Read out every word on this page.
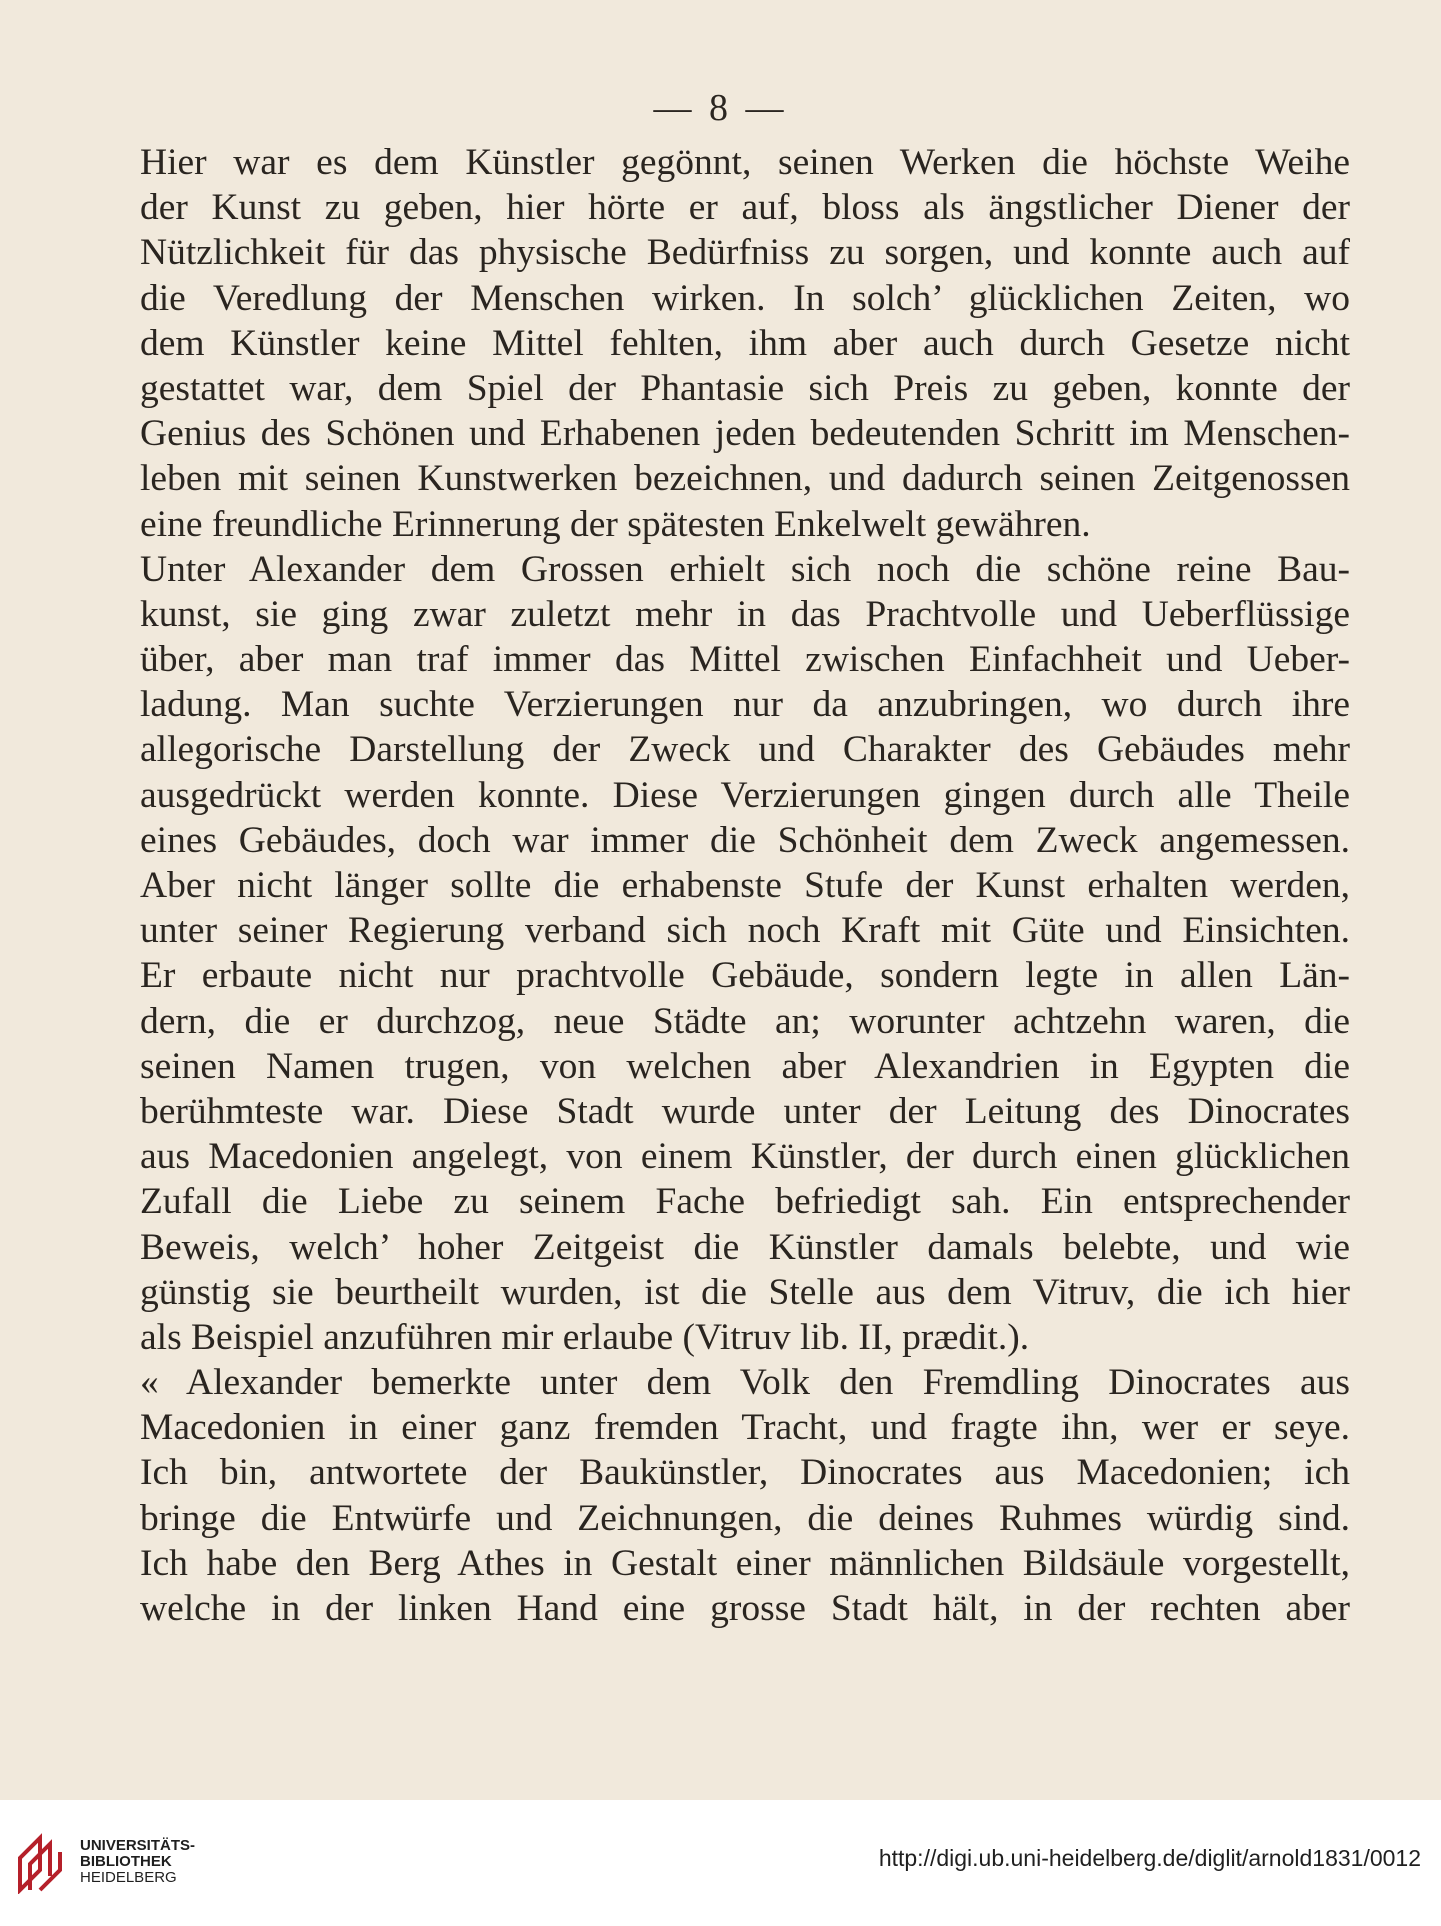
— 8 —
Hier war es dem Künstler gegönnt, seinen Werken die höchste Weihe
der Kunst zu geben, hier hörte er auf, bloss als ängstlicher Diener der
Nützlichkeit für das physische Bedürfniss zu sorgen, und konnte auch auf
die Veredlung der Menschen wirken. In solch’ glücklichen Zeiten, wo
dem Künstler keine Mittel fehlten, ihm aber auch durch Gesetze nicht
gestattet war, dem Spiel der Phantasie sich Preis zu geben, konnte der
Genius des Schönen und Erhabenen jeden bedeutenden Schritt im Menschen-
leben mit seinen Kunstwerken bezeichnen, und dadurch seinen Zeitgenossen
eine freundliche Erinnerung der spätesten Enkelwelt gewähren.
Unter Alexander dem Grossen erhielt sich noch die schöne reine Bau-
kunst, sie ging zwar zuletzt mehr in das Prachtvolle und Ueberflüssige
über, aber man traf immer das Mittel zwischen Einfachheit und Ueber-
ladung. Man suchte Verzierungen nur da anzubringen, wo durch ihre
allegorische Darstellung der Zweck und Charakter des Gebäudes mehr
ausgedrückt werden konnte. Diese Verzierungen gingen durch alle Theile
eines Gebäudes, doch war immer die Schönheit dem Zweck angemessen.
Aber nicht länger sollte die erhabenste Stufe der Kunst erhalten werden,
unter seiner Regierung verband sich noch Kraft mit Güte und Einsichten.
Er erbaute nicht nur prachtvolle Gebäude, sondern legte in allen Län-
dern, die er durchzog, neue Städte an; worunter achtzehn waren, die
seinen Namen trugen, von welchen aber Alexandrien in Egypten die
berühmteste war. Diese Stadt wurde unter der Leitung des Dinocrates
aus Macedonien angelegt, von einem Künstler, der durch einen glücklichen
Zufall die Liebe zu seinem Fache befriedigt sah. Ein entsprechender
Beweis, welch’ hoher Zeitgeist die Künstler damals belebte, und wie
günstig sie beurtheilt wurden, ist die Stelle aus dem Vitruv, die ich hier
als Beispiel anzuführen mir erlaube (Vitruv lib. II, prædit.).
« Alexander bemerkte unter dem Volk den Fremdling Dinocrates aus
Macedonien in einer ganz fremden Tracht, und fragte ihn, wer er seye.
Ich bin, antwortete der Baukünstler, Dinocrates aus Macedonien; ich
bringe die Entwürfe und Zeichnungen, die deines Ruhmes würdig sind.
Ich habe den Berg Athes in Gestalt einer männlichen Bildsäule vorgestellt,
welche in der linken Hand eine grosse Stadt hält, in der rechten aber
UNIVERSITÄTS-
BIBLIOTHEK
HEIDELBERG
http://digi.ub.uni-heidelberg.de/diglit/arnold1831/0012
